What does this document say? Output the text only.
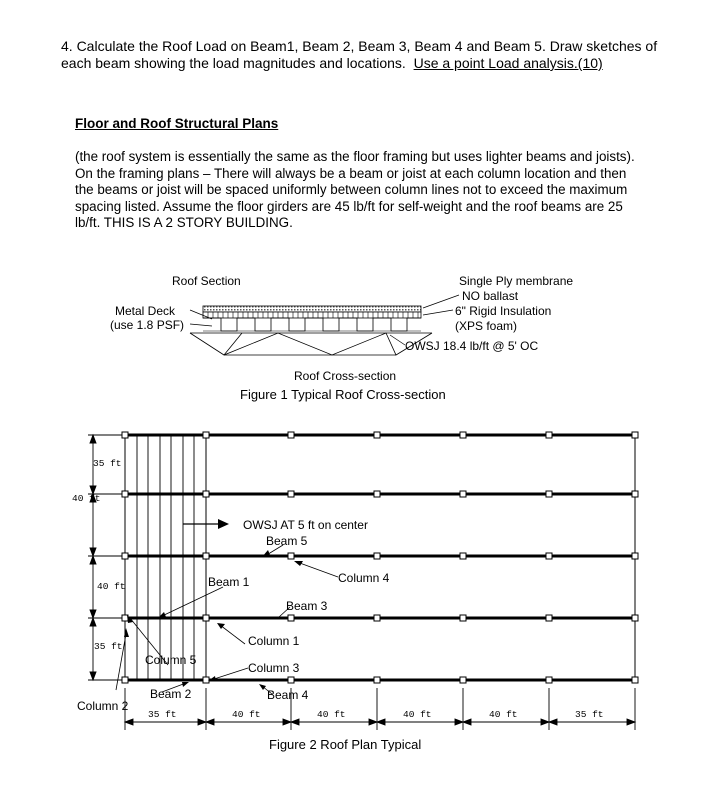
4. Calculate the Roof Load on Beam1, Beam 2, Beam 3, Beam 4 and Beam 5. Draw sketches of each beam showing the load magnitudes and locations. Use a point Load analysis.(10)
Floor and Roof Structural Plans
(the roof system is essentially the same as the floor framing but uses lighter beams and joists). On the framing plans – There will always be a beam or joist at each column location and then the beams or joist will be spaced uniformly between column lines not to exceed the maximum spacing listed. Assume the floor girders are 45 lb/ft for self-weight and the roof beams are 25 lb/ft. THIS IS A 2 STORY BUILDING.
Roof Section	Single Ply membrane
NO ballast
6" Rigid Insulation
(XPS foam)
Metal Deck
(use 1.8 PSF)
OWSJ 18.4 lb/ft @ 5' OC
Roof Cross-section
Figure 1 Typical Roof Cross-section
35 ft
40 ft
40 ft
35 ft
35 ft	40 ft	40 ft	40 ft	40 ft	35 ft
OWSJ AT 5 ft on center
Beam 5
Column 4
Beam 1
Beam 3
Column 1
Column 5
Column 3
Beam 2	Beam 4
Column 2
Figure 2 Roof Plan Typical
